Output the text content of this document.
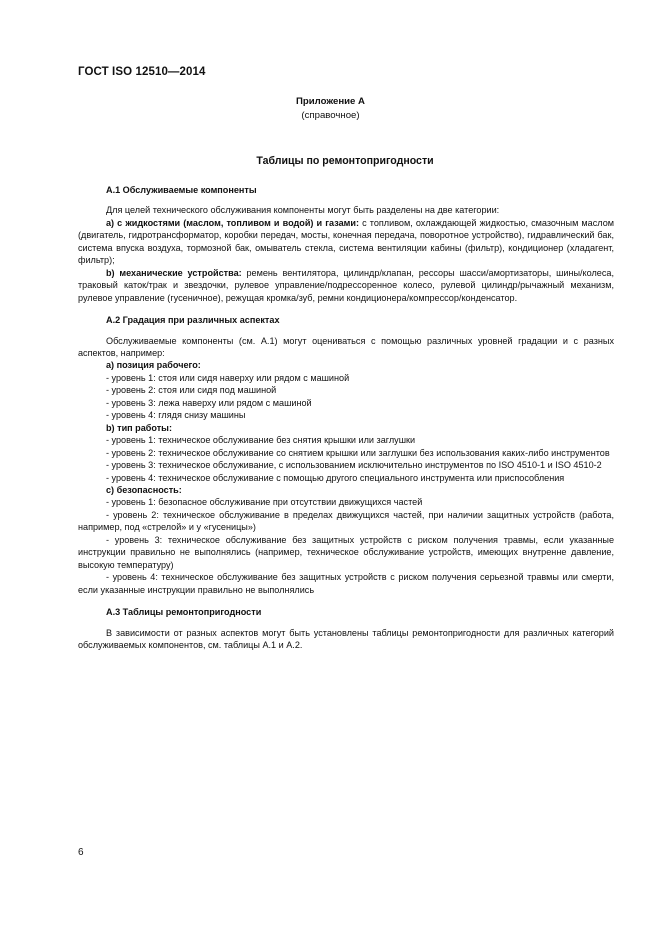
ГОСТ ISO 12510—2014
Приложение А
(справочное)
Таблицы по ремонтопригодности

А.1 Обслуживаемые компоненты

Для целей технического обслуживания компоненты могут быть разделены на две категории:

а) с жидкостями (маслом, топливом и водой) и газами: с топливом, охлаждающей жидкостью, смазочным маслом (двигатель, гидротрансформатор, коробки передач, мосты, конечная передача, поворотное устройство), гидравлический бак, система впуска воздуха, тормозной бак, омыватель стекла, система вентиляции кабины (фильтр), кондиционер (хладагент, фильтр);

b) механические устройства: ремень вентилятора, цилиндр/клапан, рессоры шасси/амортизаторы, шины/колеса, траковый каток/трак и звездочки, рулевое управление/подрессоренное колесо, рулевой цилиндр/рычажный механизм, рулевое управление (гусеничное), режущая кромка/зуб, ремни кондиционера/компрессор/конденсатор.

А.2 Градация при различных аспектах

Обслуживаемые компоненты (см. А.1) могут оцениваться с помощью различных уровней градации и с разных аспектов, например:

a) позиция рабочего:

- уровень 1: стоя или сидя наверху или рядом с машиной

- уровень 2: стоя или сидя под машиной

- уровень 3: лежа наверху или рядом с машиной

- уровень 4: глядя снизу машины

b) тип работы:

- уровень 1: техническое обслуживание без снятия крышки или заглушки

- уровень 2: техническое обслуживание со снятием крышки или заглушки без использования каких-либо инструментов

- уровень 3: техническое обслуживание, с использованием исключительно инструментов по ISO 4510-1 и ISO 4510-2

- уровень 4: техническое обслуживание с помощью другого специального инструмента или приспособления

c) безопасность:

- уровень 1: безопасное обслуживание при отсутствии движущихся частей

- уровень 2: техническое обслуживание в пределах движущихся частей, при наличии защитных устройств (работа, например, под «стрелой» и у «гусеницы»)

- уровень 3: техническое обслуживание без защитных устройств с риском получения травмы, если указанные инструкции правильно не выполнялись (например, техническое обслуживание устройств, имеющих внутренне давление, высокую температуру)

- уровень 4: техническое обслуживание без защитных устройств с риском получения серьезной травмы или смерти, если указанные инструкции правильно не выполнялись

А.3 Таблицы ремонтопригодности

В зависимости от разных аспектов могут быть установлены таблицы ремонтопригодности для различных категорий обслуживаемых компонентов, см. таблицы А.1 и А.2.

6
